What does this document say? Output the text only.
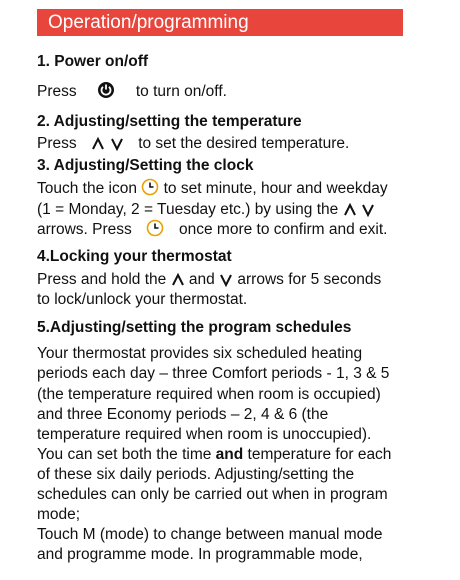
Operation/programming
1. Power on/off
Press	to turn on/off.
2. Adjusting/setting the temperature
Press	to set the desired temperature.
3. Adjusting/Setting the clock
Touch the icon to set minute, hour and weekday
(1 = Monday, 2 = Tuesday etc.) by using the
arrows. Press	once more to confirm and exit.
4.Locking your thermostat
Press and hold the and arrows for 5 seconds
to lock/unlock your thermostat.
5.Adjusting/setting the program schedules
Your thermostat provides six scheduled heating
periods each day – three Comfort periods - 1, 3 & 5
(the temperature required when room is occupied)
and three Economy periods – 2, 4 & 6 (the
temperature required when room is unoccupied).
You can set both the time and temperature for each
of these six daily periods. Adjusting/setting the
schedules can only be carried out when in program
mode;
Touch M (mode) to change between manual mode
and programme mode. In programmable mode,
